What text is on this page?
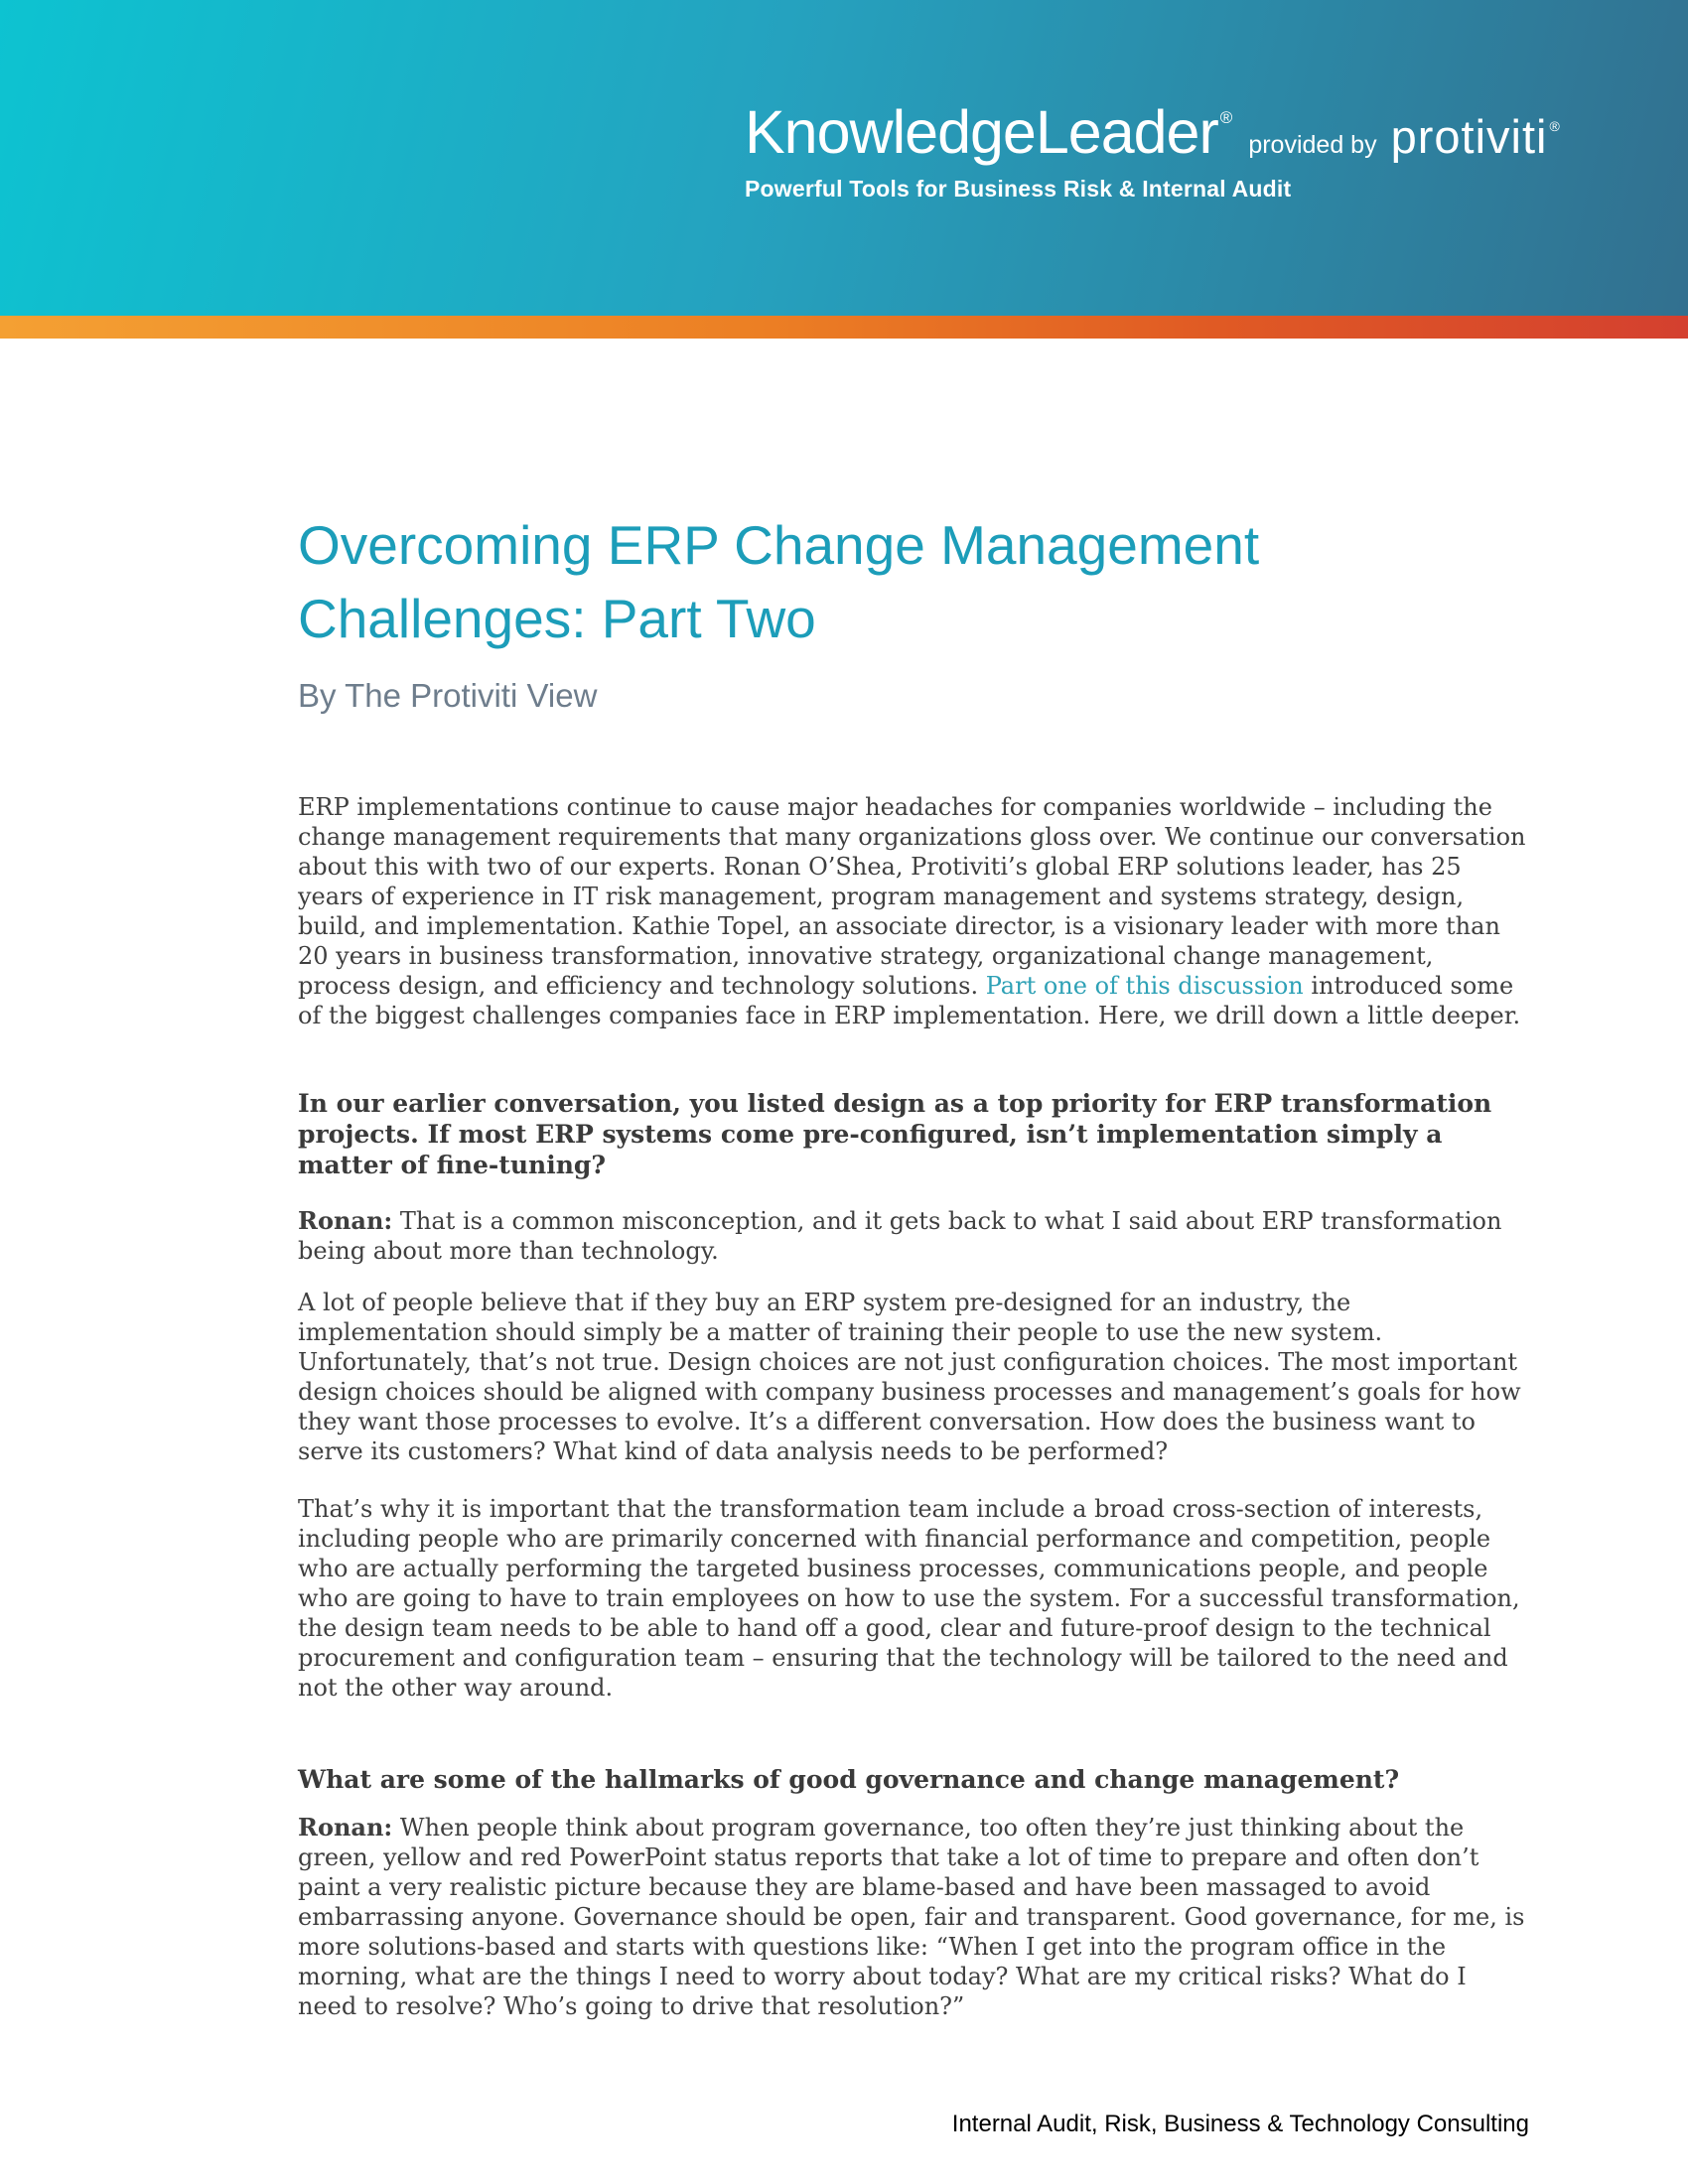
KnowledgeLeader ®
provided by protiviti ®
Powerful Tools for Business Risk & Internal Audit
Overcoming ERP Change Management
Challenges: Part Two
By The Protiviti View

ERP implementations continue to cause major headaches for companies worldwide – including the change management requirements that many organizations gloss over. We continue our conversation about this with two of our experts. Ronan O’Shea, Protiviti’s global ERP solutions leader, has 25 years of experience in IT risk management, program management and systems strategy, design, build, and implementation. Kathie Topel, an associate director, is a visionary leader with more than 20 years in business transformation, innovative strategy, organizational change management, process design, and efficiency and technology solutions. Part one of this discussion introduced some of the biggest challenges companies face in ERP implementation. Here, we drill down a little deeper.

In our earlier conversation, you listed design as a top priority for ERP transformation projects. If most ERP systems come pre-configured, isn’t implementation simply a matter of fine-tuning?

Ronan: That is a common misconception, and it gets back to what I said about ERP transformation being about more than technology.

A lot of people believe that if they buy an ERP system pre-designed for an industry, the implementation should simply be a matter of training their people to use the new system. Unfortunately, that’s not true. Design choices are not just configuration choices. The most important design choices should be aligned with company business processes and management’s goals for how they want those processes to evolve. It’s a different conversation. How does the business want to serve its customers? What kind of data analysis needs to be performed?

That’s why it is important that the transformation team include a broad cross-section of interests, including people who are primarily concerned with financial performance and competition, people who are actually performing the targeted business processes, communications people, and people who are going to have to train employees on how to use the system. For a successful transformation, the design team needs to be able to hand off a good, clear and future-proof design to the technical procurement and configuration team – ensuring that the technology will be tailored to the need and not the other way around.

What are some of the hallmarks of good governance and change management?

Ronan: When people think about program governance, too often they’re just thinking about the green, yellow and red PowerPoint status reports that take a lot of time to prepare and often don’t paint a very realistic picture because they are blame-based and have been massaged to avoid embarrassing anyone. Governance should be open, fair and transparent. Good governance, for me, is more solutions-based and starts with questions like: “When I get into the program office in the morning, what are the things I need to worry about today? What are my critical risks? What do I need to resolve? Who’s going to drive that resolution?”

Internal Audit, Risk, Business & Technology Consulting
